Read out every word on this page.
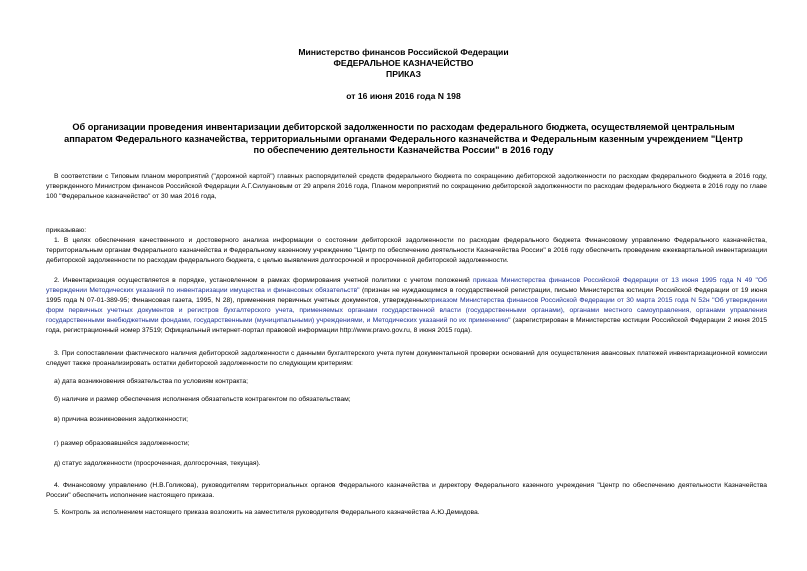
Министерство финансов Российской Федерации
ФЕДЕРАЛЬНОЕ КАЗНАЧЕЙСТВО
ПРИКАЗ
от 16 июня 2016 года N 198
Об организации проведения инвентаризации дебиторской задолженности по расходам федерального бюджета, осуществляемой центральным аппаратом Федерального казначейства, территориальными органами Федерального казначейства и Федеральным казенным учреждением "Центр по обеспечению деятельности Казначейства России" в 2016 году
В соответствии с Типовым планом мероприятий ("дорожной картой") главных распорядителей средств федерального бюджета по сокращению дебиторской задолженности по расходам федерального бюджета в 2016 году, утвержденного Министром финансов Российской Федерации А.Г.Силуановым от 29 апреля 2016 года, Планом мероприятий по сокращению дебиторской задолженности по расходам федерального бюджета в 2016 году по главе 100 "Федеральное казначейство" от 30 мая 2016 года,
приказываю:
1. В целях обеспечения качественного и достоверного анализа информации о состоянии дебиторской задолженности по расходам федерального бюджета Финансовому управлению Федерального казначейства, территориальным органам Федерального казначейства и Федеральному казенному учреждению "Центр по обеспечению деятельности Казначейства России" в 2016 году обеспечить проведение ежеквартальной инвентаризации дебиторской задолженности по расходам федерального бюджета, с целью выявления долгосрочной и просроченной дебиторской задолженности.
2. Инвентаризация осуществляется в порядке, установленном в рамках формирования учетной политики с учетом положений приказа Министерства финансов Российской Федерации от 13 июня 1995 года N 49 "Об утверждении Методических указаний по инвентаризации имущества и финансовых обязательств" (признан не нуждающимся в государственной регистрации, письмо Министерства юстиции Российской Федерации от 19 июня 1995 года N 07-01-389-95; Финансовая газета, 1995, N 28), применения первичных учетных документов, утвержденныхприказом Министерства финансов Российской Федерации от 30 марта 2015 года N 52н "Об утверждении форм первичных учетных документов и регистров бухгалтерского учета, применяемых органами государственной власти (государственными органами), органами местного самоуправления, органами управления государственными внебюджетными фондами, государственными (муниципальными) учреждениями, и Методических указаний по их применению" (зарегистрирован в Министерстве юстиции Российской Федерации 2 июня 2015 года, регистрационный номер 37519; Официальный интернет-портал правовой информации http://www.pravo.gov.ru, 8 июня 2015 года).
3. При сопоставлении фактического наличия дебиторской задолженности с данными бухгалтерского учета путем документальной проверки оснований для осуществления авансовых платежей инвентаризационной комиссии следует также проанализировать остатки дебиторской задолженности по следующим критериям:
а) дата возникновения обязательства по условиям контракта;
б) наличие и размер обеспечения исполнения обязательств контрагентом по обязательствам;
в) причина возникновения задолженности;
г) размер образовавшейся задолженности;
д) статус задолженности (просроченная, долгосрочная, текущая).
4. Финансовому управлению (Н.В.Голикова), руководителям территориальных органов Федерального казначейства и директору Федерального казенного учреждения "Центр по обеспечению деятельности Казначейства России" обеспечить исполнение настоящего приказа.
5. Контроль за исполнением настоящего приказа возложить на заместителя руководителя Федерального казначейства А.Ю.Демидова.
